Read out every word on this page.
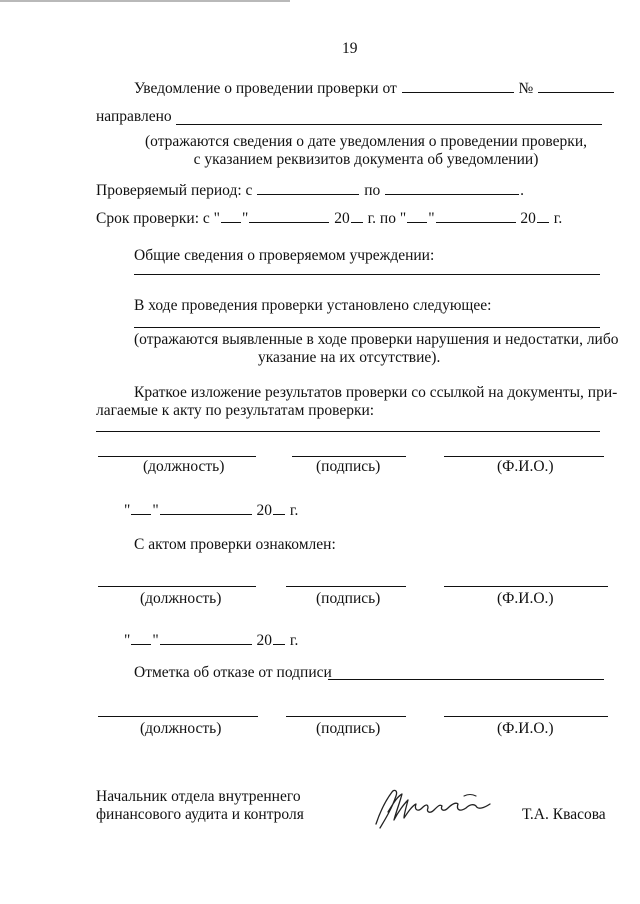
19
Уведомление о проведении проверки от	№
направлено
(отражаются сведения о дате уведомления о проведении проверки,
с указанием реквизитов документа об уведомлении)
Проверяемый период: с	по	.
Срок проверки: с " "	20 г. по " "	20 г.
Общие сведения о проверяемом учреждении:
В ходе проведения проверки установлено следующее:
(отражаются выявленные в ходе проверки нарушения и недостатки, либо
указание на их отсутствие).
Краткое изложение результатов проверки со ссылкой на документы, при-
лагаемые к акту по результатам проверки:
(должность)	(подпись)	(Ф.И.О.)
" "	20 г.
С актом проверки ознакомлен:
(должность)	(подпись)	(Ф.И.О.)
" "	20 г.
Отметка об отказе от подписи
(должность)	(подпись)	(Ф.И.О.)
Начальник отдела внутреннего
финансового аудита и контроля	Т.А. Квасова
